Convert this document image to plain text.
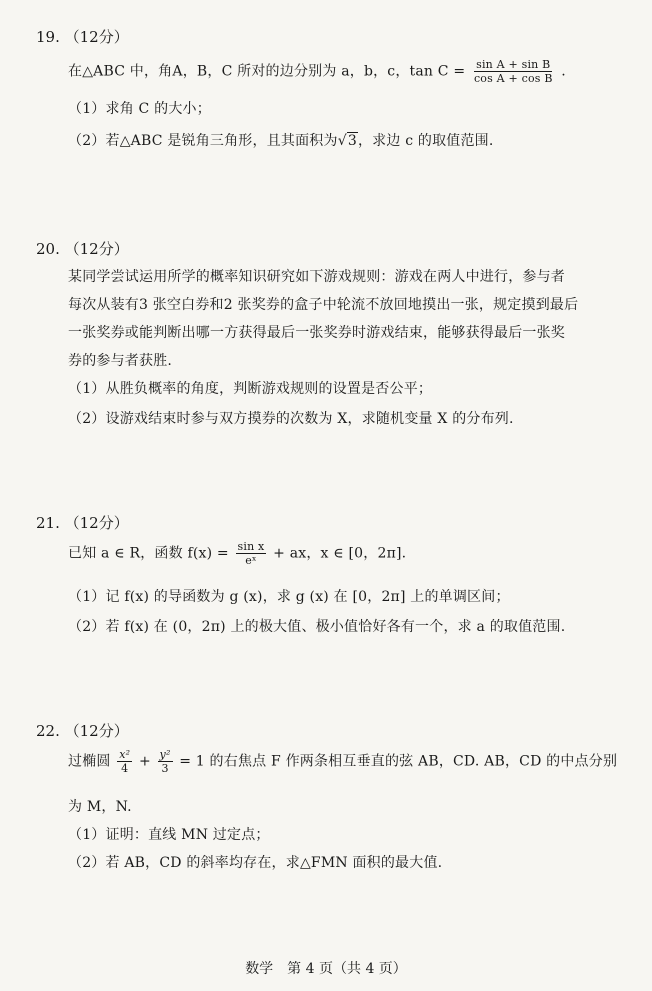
19. （12分）
在△ABC 中，角A，B，C 所对的边分别为 a，b，c，$\tan C = \frac{\text{sin A + sin B}}{\text{cos A + cos B}}$ .
（1）求角 C 的大小；
（2）若△ABC 是锐角三角形，且其面积为√3，求边 c 的取值范围.
20. （12分）
某同学尝试运用所学的概率知识研究如下游戏规则：游戏在两人中进行，参与者
每次从装有3 张空白券和2 张奖券的盒子中轮流不放回地摸出一张，规定摸到最后
一张奖券或能判断出哪一方获得最后一张奖券时游戏结束，能够获得最后一张奖
券的参与者获胜.
（1）从胜负概率的角度，判断游戏规则的设置是否公平；
（2）设游戏结束时参与双方摸券的次数为 X，求随机变量 X 的分布列.
21. （12分）
已知 a ∈ R，函数 $f(x) = \frac{\text{sin x}}{\text{eˣ}}$ + ax，x ∈ [0，2π].
（1）记 f(x) 的导函数为 g (x)，求 g (x) 在 [0，2π] 上的单调区间；
（2）若 f(x) 在 (0，2π) 上的极大值、极小值恰好各有一个，求 a 的取值范围.
22. （12分）
过椭圆 $\frac{\text{x²}}{4} + \frac{\text{y²}}{3} = 1$ 的右焦点 F 作两条相互垂直的弦 AB，CD. AB，CD 的中点分别
为 M，N.
（1）证明：直线 MN 过定点；
（2）若 AB，CD 的斜率均存在，求△FMN 面积的最大值.
数学　第 4 页（共 4 页）
